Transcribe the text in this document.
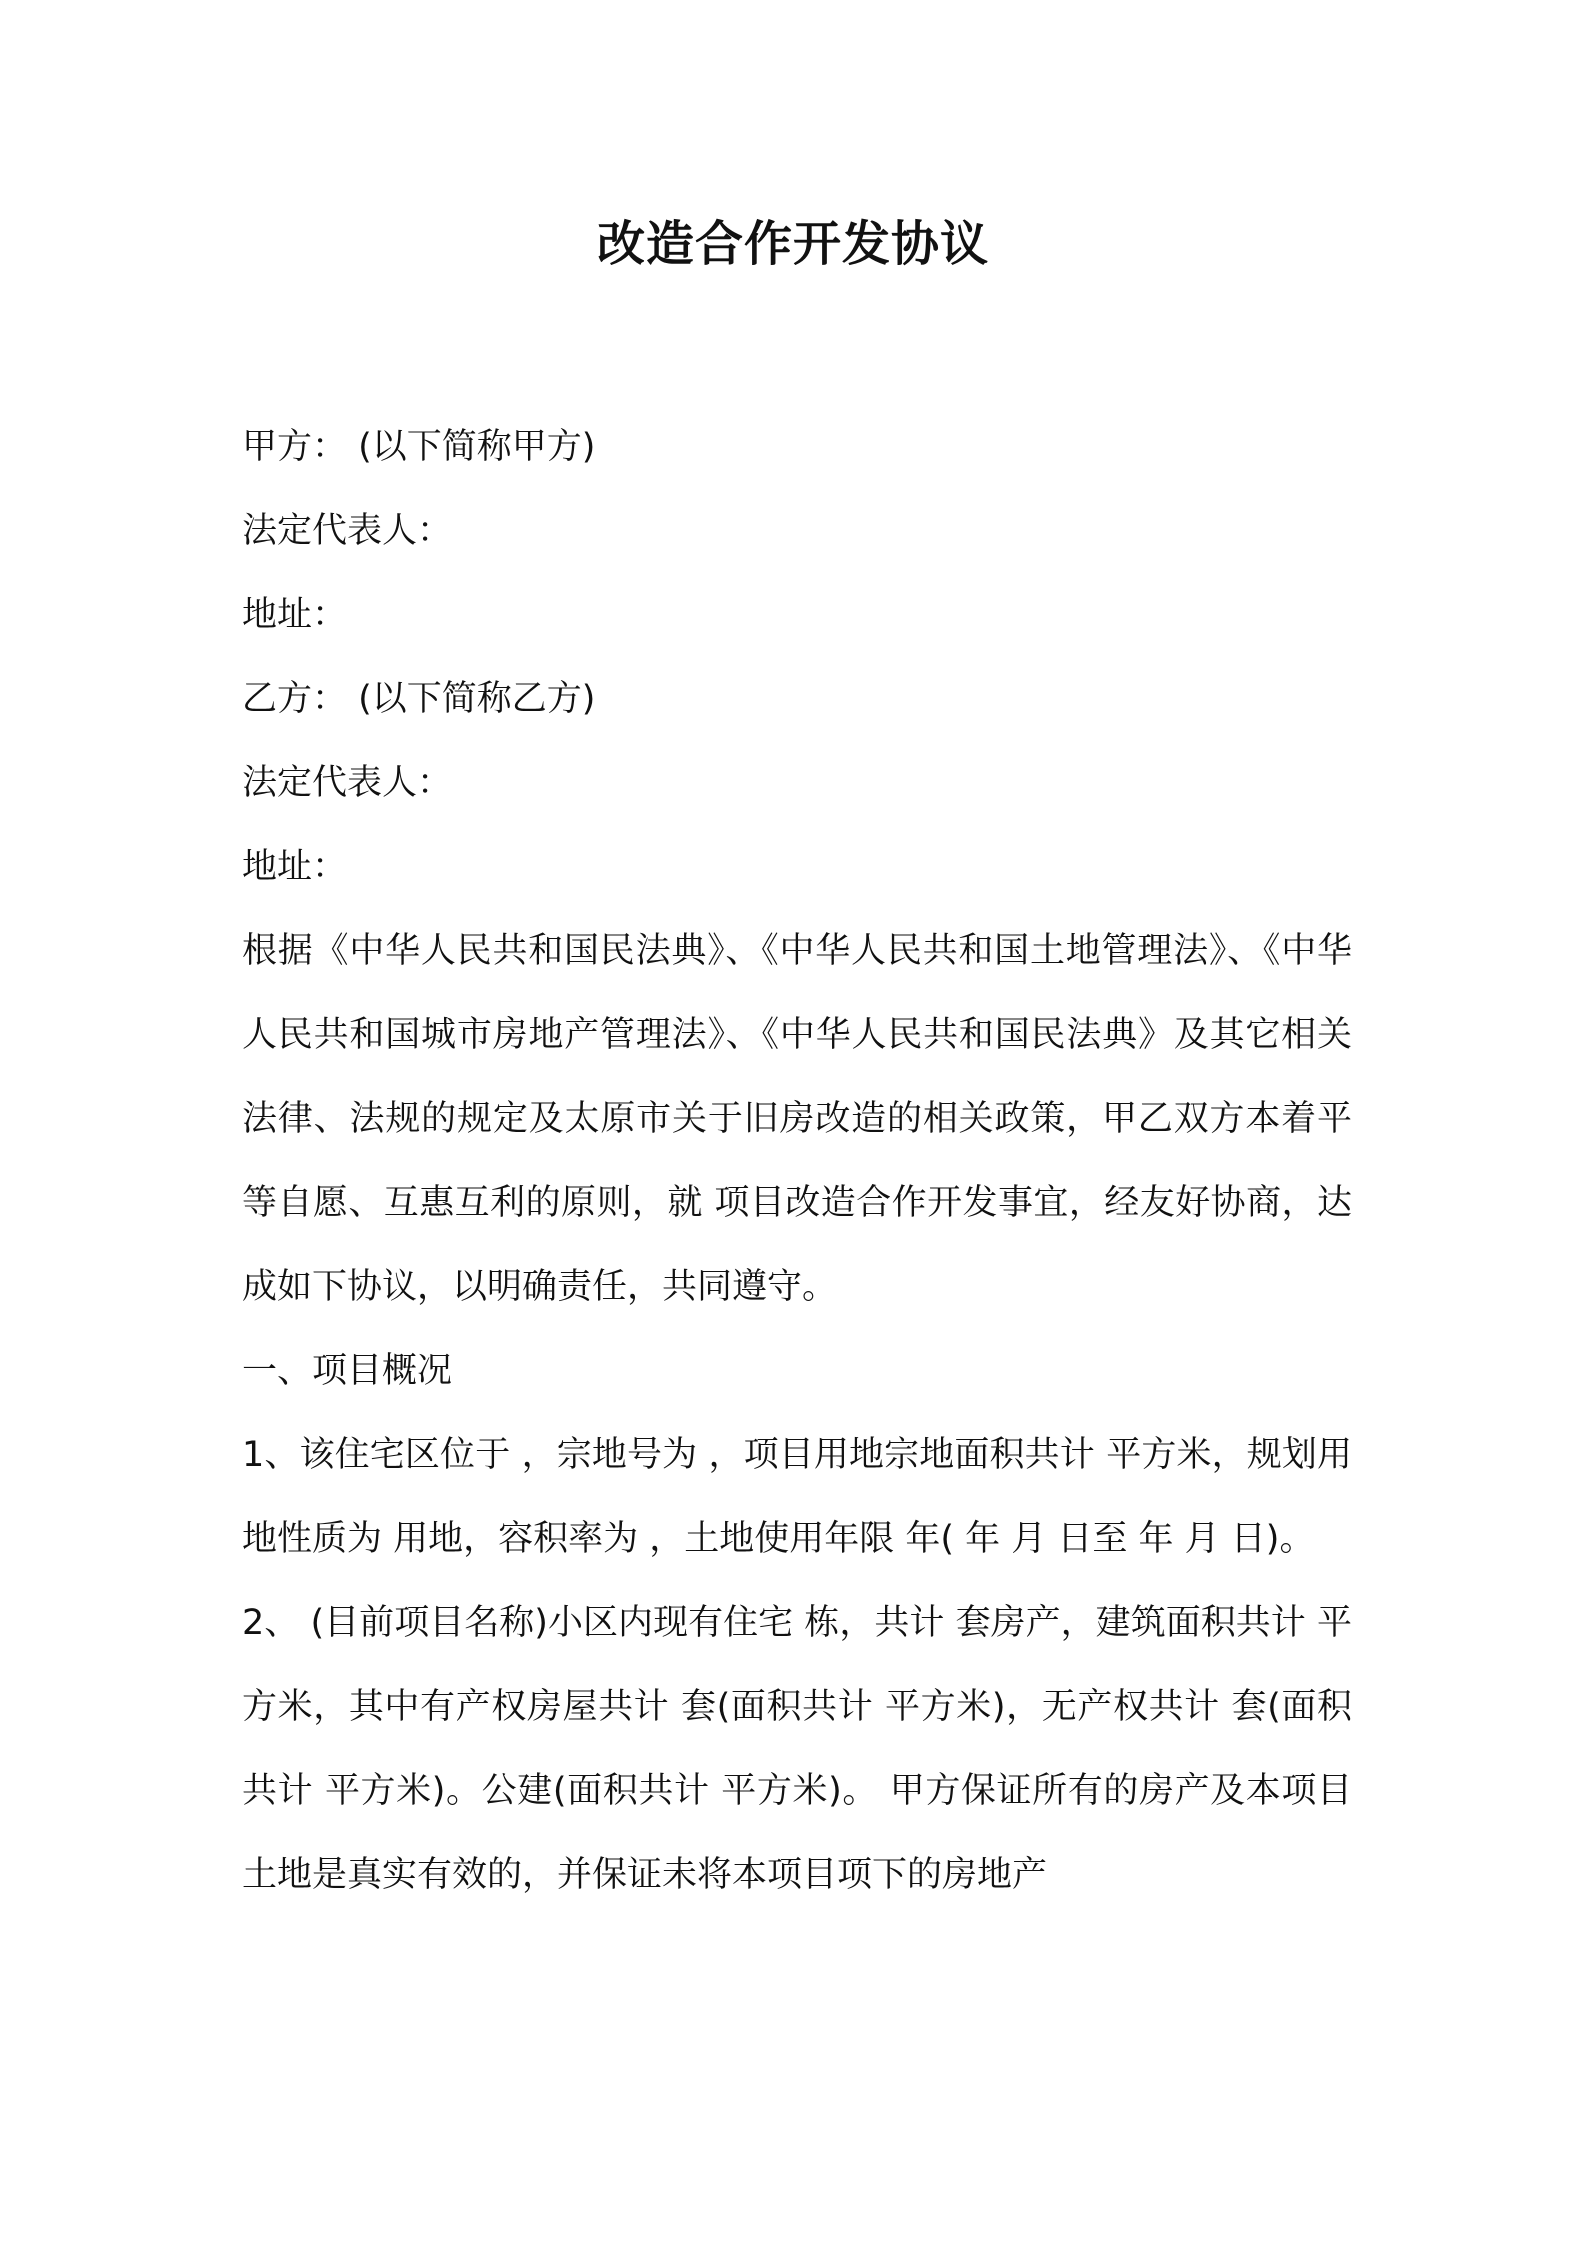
改造合作开发协议

甲方： (以下简称甲方)

法定代表人：

地址：

乙方： (以下简称乙方)

法定代表人：

地址：

根据《中华人民共和国民法典》、《中华人民共和国土地管理法》、《中华人民共和国城市房地产管理法》、《中华人民共和国民法典》及其它相关法律、法规的规定及太原市关于旧房改造的相关政策，甲乙双方本着平等自愿、互惠互利的原则，就 项目改造合作开发事宜，经友好协商，达成如下协议，以明确责任，共同遵守。

一、项目概况

1、该住宅区位于 ，宗地号为 ，项目用地宗地面积共计 平方米，规划用地性质为 用地，容积率为 ，土地使用年限 年( 年 月 日至 年 月 日)。

2、 (目前项目名称)小区内现有住宅 栋，共计 套房产，建筑面积共计 平方米，其中有产权房屋共计 套(面积共计 平方米)，无产权共计 套(面积共计 平方米)。公建(面积共计 平方米)。 甲方保证所有的房产及本项目土地是真实有效的，并保证未将本项目项下的房地产
